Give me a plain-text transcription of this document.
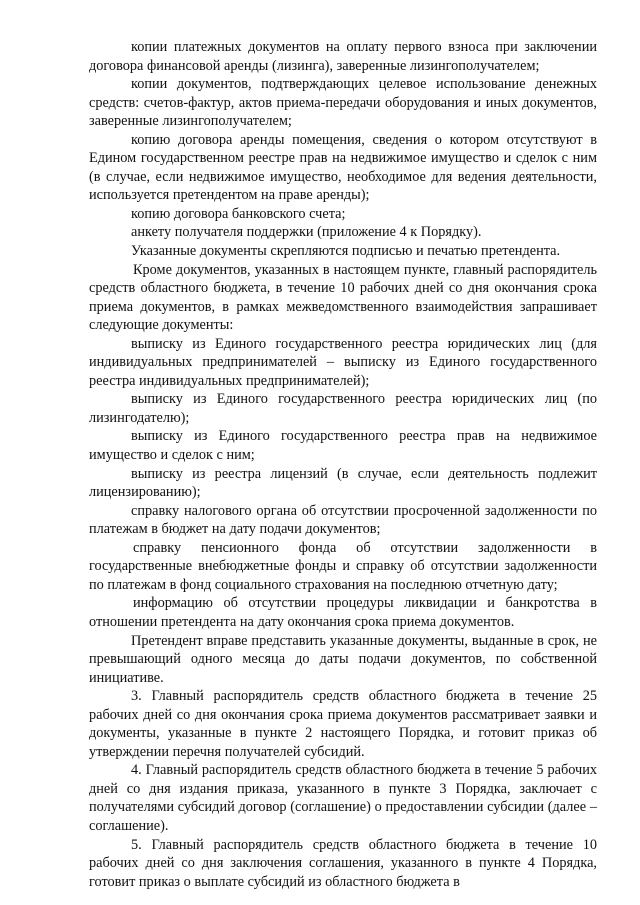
копии платежных документов на оплату первого взноса при заключении договора финансовой аренды (лизинга), заверенные лизингополучателем;

копии документов, подтверждающих целевое использование денежных средств: счетов-фактур, актов приема-передачи оборудования и иных документов, заверенные лизингополучателем;

копию договора аренды помещения, сведения о котором отсутствуют в Едином государственном реестре прав на недвижимое имущество и сделок с ним (в случае, если недвижимое имущество, необходимое для ведения деятельности, используется претендентом на праве аренды);

копию договора банковского счета;

анкету получателя поддержки (приложение 4 к Порядку).

Указанные документы скрепляются подписью и печатью претендента.

Кроме документов, указанных в настоящем пункте, главный распорядитель средств областного бюджета, в течение 10 рабочих дней со дня окончания срока приема документов, в рамках межведомственного взаимодействия запрашивает следующие документы:

выписку из Единого государственного реестра юридических лиц (для индивидуальных предпринимателей – выписку из Единого государственного реестра индивидуальных предпринимателей);

выписку из Единого государственного реестра юридических лиц (по лизингодателю);

выписку из Единого государственного реестра прав на недвижимое имущество и сделок с ним;

выписку из реестра лицензий (в случае, если деятельность подлежит лицензированию);

справку налогового органа об отсутствии просроченной задолженности по платежам в бюджет на дату подачи документов;

справку пенсионного фонда об отсутствии задолженности в государственные внебюджетные фонды и справку об отсутствии задолженности по платежам в фонд социального страхования на последнюю отчетную дату;

информацию об отсутствии процедуры ликвидации и банкротства в отношении претендента на дату окончания срока приема документов.

Претендент вправе представить указанные документы, выданные в срок, не превышающий одного месяца до даты подачи документов, по собственной инициативе.

3. Главный распорядитель средств областного бюджета в течение 25 рабочих дней со дня окончания срока приема документов рассматривает заявки и документы, указанные в пункте 2 настоящего Порядка, и готовит приказ об утверждении перечня получателей субсидий.

4. Главный распорядитель средств областного бюджета в течение 5 рабочих дней со дня издания приказа, указанного в пункте 3 Порядка, заключает с получателями субсидий договор (соглашение) о предоставлении субсидии (далее – соглашение).

5. Главный распорядитель средств областного бюджета в течение 10 рабочих дней со дня заключения соглашения, указанного в пункте 4 Порядка, готовит приказ о выплате субсидий из областного бюджета в
